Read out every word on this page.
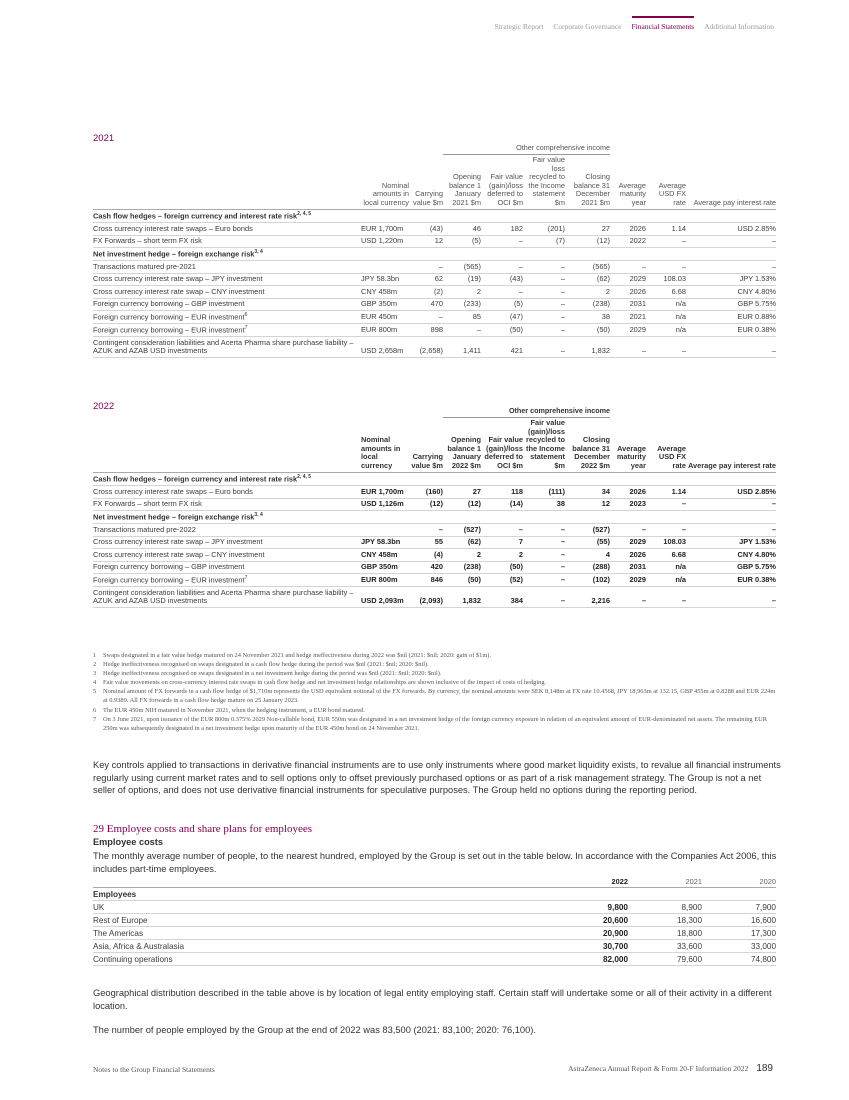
Strategic Report Corporate Governance Financial Statements Additional Information
2021
			Other comprehensive income						
	Nominal amounts in local currency	Carrying value $m	Opening balance 1 January 2021 $m	Fair value (gain)/loss deferred to OCI $m	Fair value loss recycled to the Income statement $m	Closing balance 31 December 2021 $m	Average maturity year	Average USD FX rate	Average pay interest rate
Cash flow hedges – foreign currency and interest rate risk$^{2, 4, 5}$
Cross currency interest rate swaps – Euro bonds	EUR 1,700m	(43)	46	182	(201)	27	2026	1.14	USD 2.85%
FX Forwards – short term FX risk	USD 1,220m	12	(5)	–	(7)	(12)	2022	–	–
Net investment hedge – foreign exchange risk$^{3, 4}$
Transactions matured pre-2021		–	(565)	–	–	(565)	–	–	–
Cross currency interest rate swap – JPY investment	JPY 58.3bn	62	(19)	(43)	–	(62)	2029	108.03	JPY 1.53%
Cross currency interest rate swap – CNY investment	CNY 458m	(2)	2	–	–	2	2026	6.68	CNY 4.80%
Foreign currency borrowing – GBP investment	GBP 350m	470	(233)	(5)	–	(238)	2031	n/a	GBP 5.75%
Foreign currency borrowing – EUR investment$^6$	EUR 450m	–	85	(47)	–	38	2021	n/a	EUR 0.88%
Foreign currency borrowing – EUR investment$^7$	EUR 800m	898	–	(50)	–	(50)	2029	n/a	EUR 0.38%
Contingent consideration liabilities and Acerta Pharma share purchase liability – AZUK and AZAB USD investments	USD 2,658m	(2,658)	1,411	421	–	1,832	–	–	–
2022
				Other comprehensive income						
	Nominal amounts in local currency	Carrying value $m	Opening balance 1 January 2022 $m	Fair value (gain)/loss deferred to OCI $m	Fair value (gain)/loss recycled to the Income statement $m	Closing balance 31 December 2022 $m	Average maturity year	Average USD FX rate	Average pay interest rate
Cash flow hedges – foreign currency and interest rate risk$^{2, 4, 5}$
Cross currency interest rate swaps – Euro bonds	EUR 1,700m	(160)	27	118	(111)	34	2026	1.14	USD 2.85%
FX Forwards – short term FX risk	USD 1,126m	(12)	(12)	(14)	38	12	2023	–	–
Net investment hedge – foreign exchange risk$^{3, 4}$
Transactions matured pre-2022		–	(527)	–	–	(527)	–	–	–
Cross currency interest rate swap – JPY investment	JPY 58.3bn	55	(62)	7	–	(55)	2029	108.03	JPY 1.53%
Cross currency interest rate swap – CNY investment	CNY 458m	(4)	2	2	–	4	2026	6.68	CNY 4.80%
Foreign currency borrowing – GBP investment	GBP 350m	420	(238)	(50)	–	(288)	2031	n/a	GBP 5.75%
Foreign currency borrowing – EUR investment$^7$	EUR 800m	846	(50)	(52)	–	(102)	2029	n/a	EUR 0.38%
Contingent consideration liabilities and Acerta Pharma share purchase liability – AZUK and AZAB USD investments	USD 2,093m	(2,093)	1,832	384	–	2,216	–	–	–
1	Swaps designated in a fair value hedge matured on 24 November 2021 and hedge ineffectiveness during 2022 was $nil (2021: $nil; 2020: gain of $1m).
2	Hedge ineffectiveness recognised on swaps designated in a cash flow hedge during the period was $nil (2021: $nil; 2020: $nil).
3	Hedge ineffectiveness recognised on swaps designated in a net investment hedge during the period was $nil (2021: $nil; 2020: $nil).
4	Fair value movements on cross-currency interest rate swaps in cash flow hedge and net investment hedge relationships are shown inclusive of the impact of costs of hedging.
5	Nominal amount of FX forwards in a cash flow hedge of $1,710m represents the USD equivalent notional of the FX forwards. By currency, the nominal amounts were SEK 8,148m at FX rate 10.4568, JPY 18,963m at 132.15, GBP 455m at 0.8288 and EUR 224m at 0.9389. All FX forwards in a cash flow hedge mature on 25 January 2023.
6	The EUR 450m NIH matured in November 2021, when the hedging instrument, a EUR bond matured.
7	On 3 June 2021, upon issuance of the EUR 800m 0.375% 2029 Non-callable bond, EUR 550m was designated in a net investment hedge of the foreign currency exposure in relation of an equivalent amount of EUR-denominated net assets. The remaining EUR 250m was subsequently designated in a net investment hedge upon maturity of the EUR 450m bond on 24 November 2021.
Key controls applied to transactions in derivative financial instruments are to use only instruments where good market liquidity exists, to revalue all financial instruments regularly using current market rates and to sell options only to offset previously purchased options or as part of a risk management strategy. The Group is not a net seller of options, and does not use derivative financial instruments for speculative purposes. The Group held no options during the reporting period.
29 Employee costs and share plans for employees
Employee costs
The monthly average number of people, to the nearest hundred, employed by the Group is set out in the table below. In accordance with the Companies Act 2006, this includes part-time employees.
	2022	2021	2020
Employees			
UK	9,800	8,900	7,900
Rest of Europe	20,600	18,300	16,600
The Americas	20,900	18,800	17,300
Asia, Africa & Australasia	30,700	33,600	33,000
Continuing operations	82,000	79,600	74,800
Geographical distribution described in the table above is by location of legal entity employing staff. Certain staff will undertake some or all of their activity in a different location.
The number of people employed by the Group at the end of 2022 was 83,500 (2021: 83,100; 2020: 76,100).
Notes to the Group Financial Statements	AstraZeneca Annual Report & Form 20-F Information 2022 189
